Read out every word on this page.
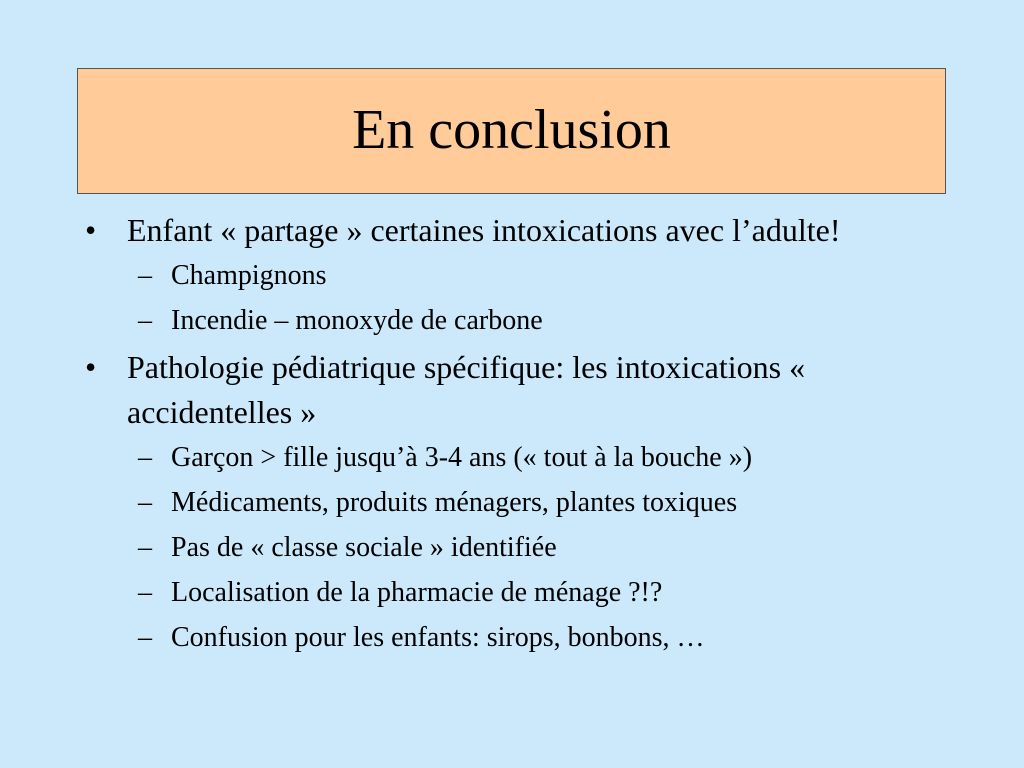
En conclusion
• Enfant « partage » certaines intoxications avec l’adulte!
– Champignons
– Incendie – monoxyde de carbone
• Pathologie pédiatrique spécifique: les intoxications « accidentelles »
– Garçon > fille jusqu’à 3-4 ans (« tout à la bouche »)
– Médicaments, produits ménagers, plantes toxiques
– Pas de « classe sociale » identifiée
– Localisation de la pharmacie de ménage ?!?
– Confusion pour les enfants: sirops, bonbons, …
